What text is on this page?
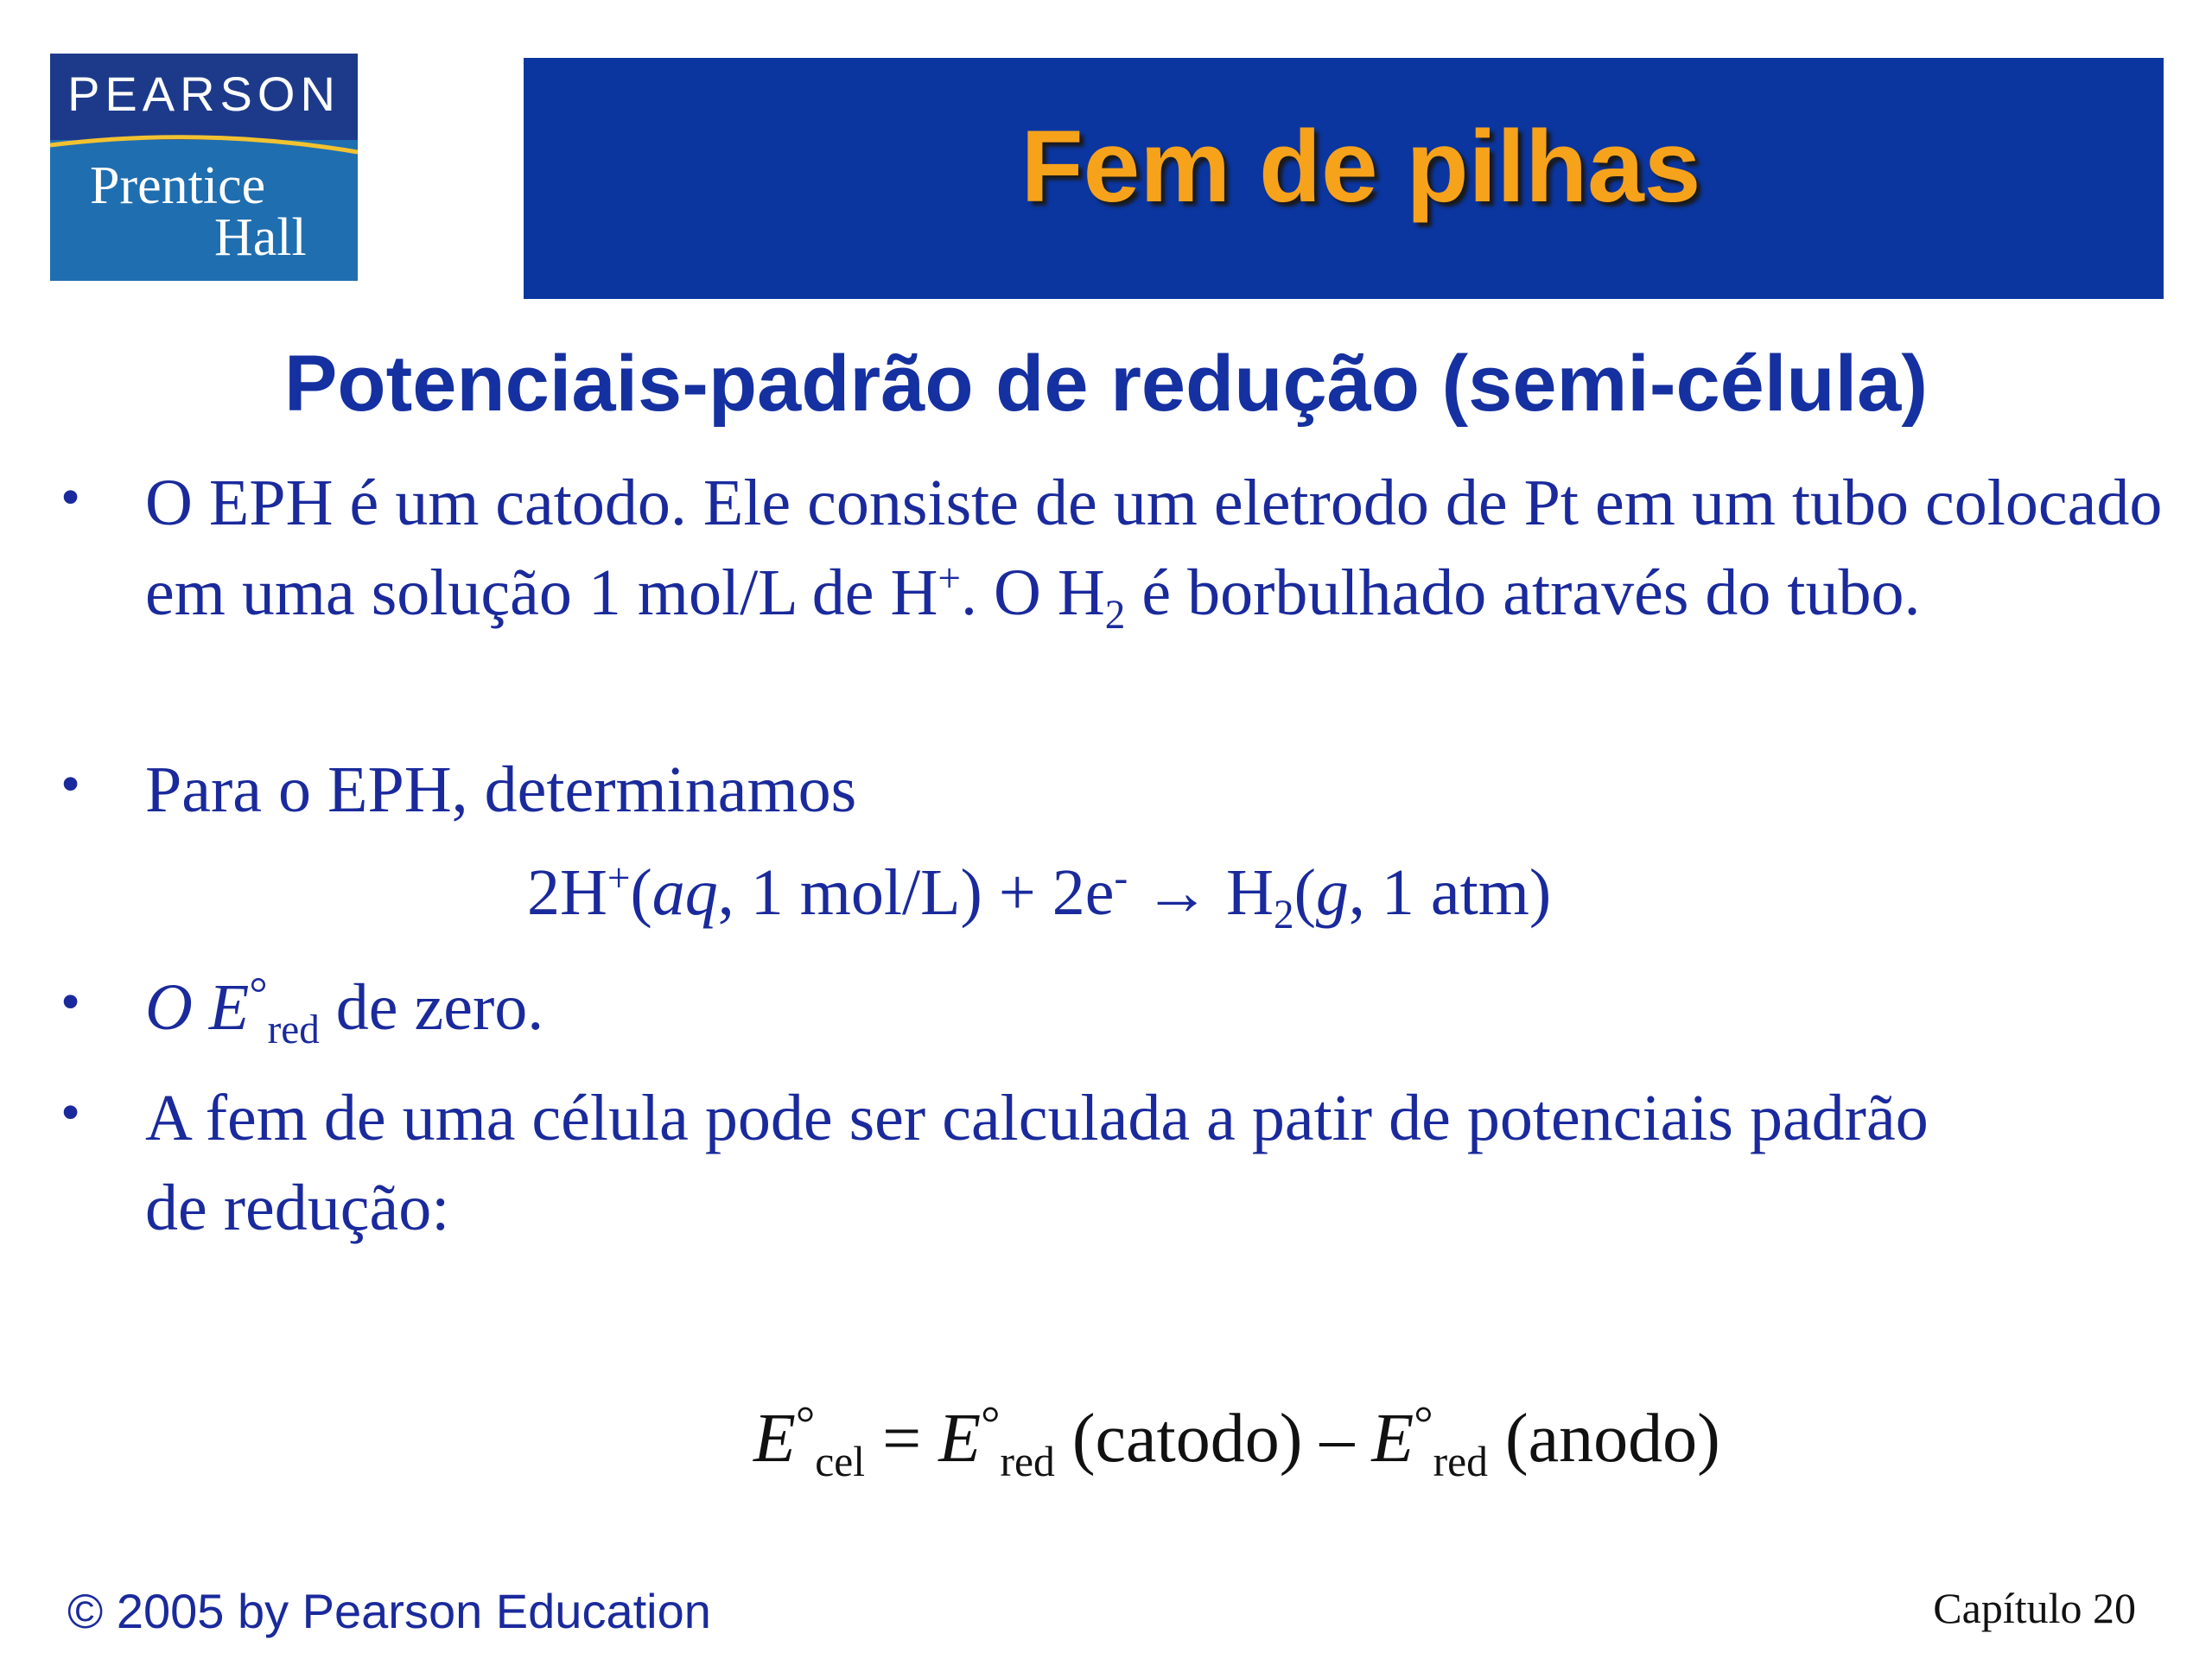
PEARSON
Prentice
Hall
Fem de pilhas
Potenciais-padrão de redução (semi-célula)
• O EPH é um catodo. Ele consiste de um eletrodo de Pt em um tubo colocado em uma solução 1 mol/L de H+. O $H_2$ é borbulhado através do tubo.
• Para o EPH, determinamos
2H+(aq, 1 $mol/L) + 2e^- \to H_2(g$, 1 atm)
• O $E^\circ_{red}$ de zero.
• A fem de uma célula pode ser calculada a patir de potenciais padrão de redução:
$E^\circ_{cel} = E^\circ_{red}$ (catodo) – $E^\circ_{red}$ (anodo)
© 2005 by Pearson Education	Capítulo 20
